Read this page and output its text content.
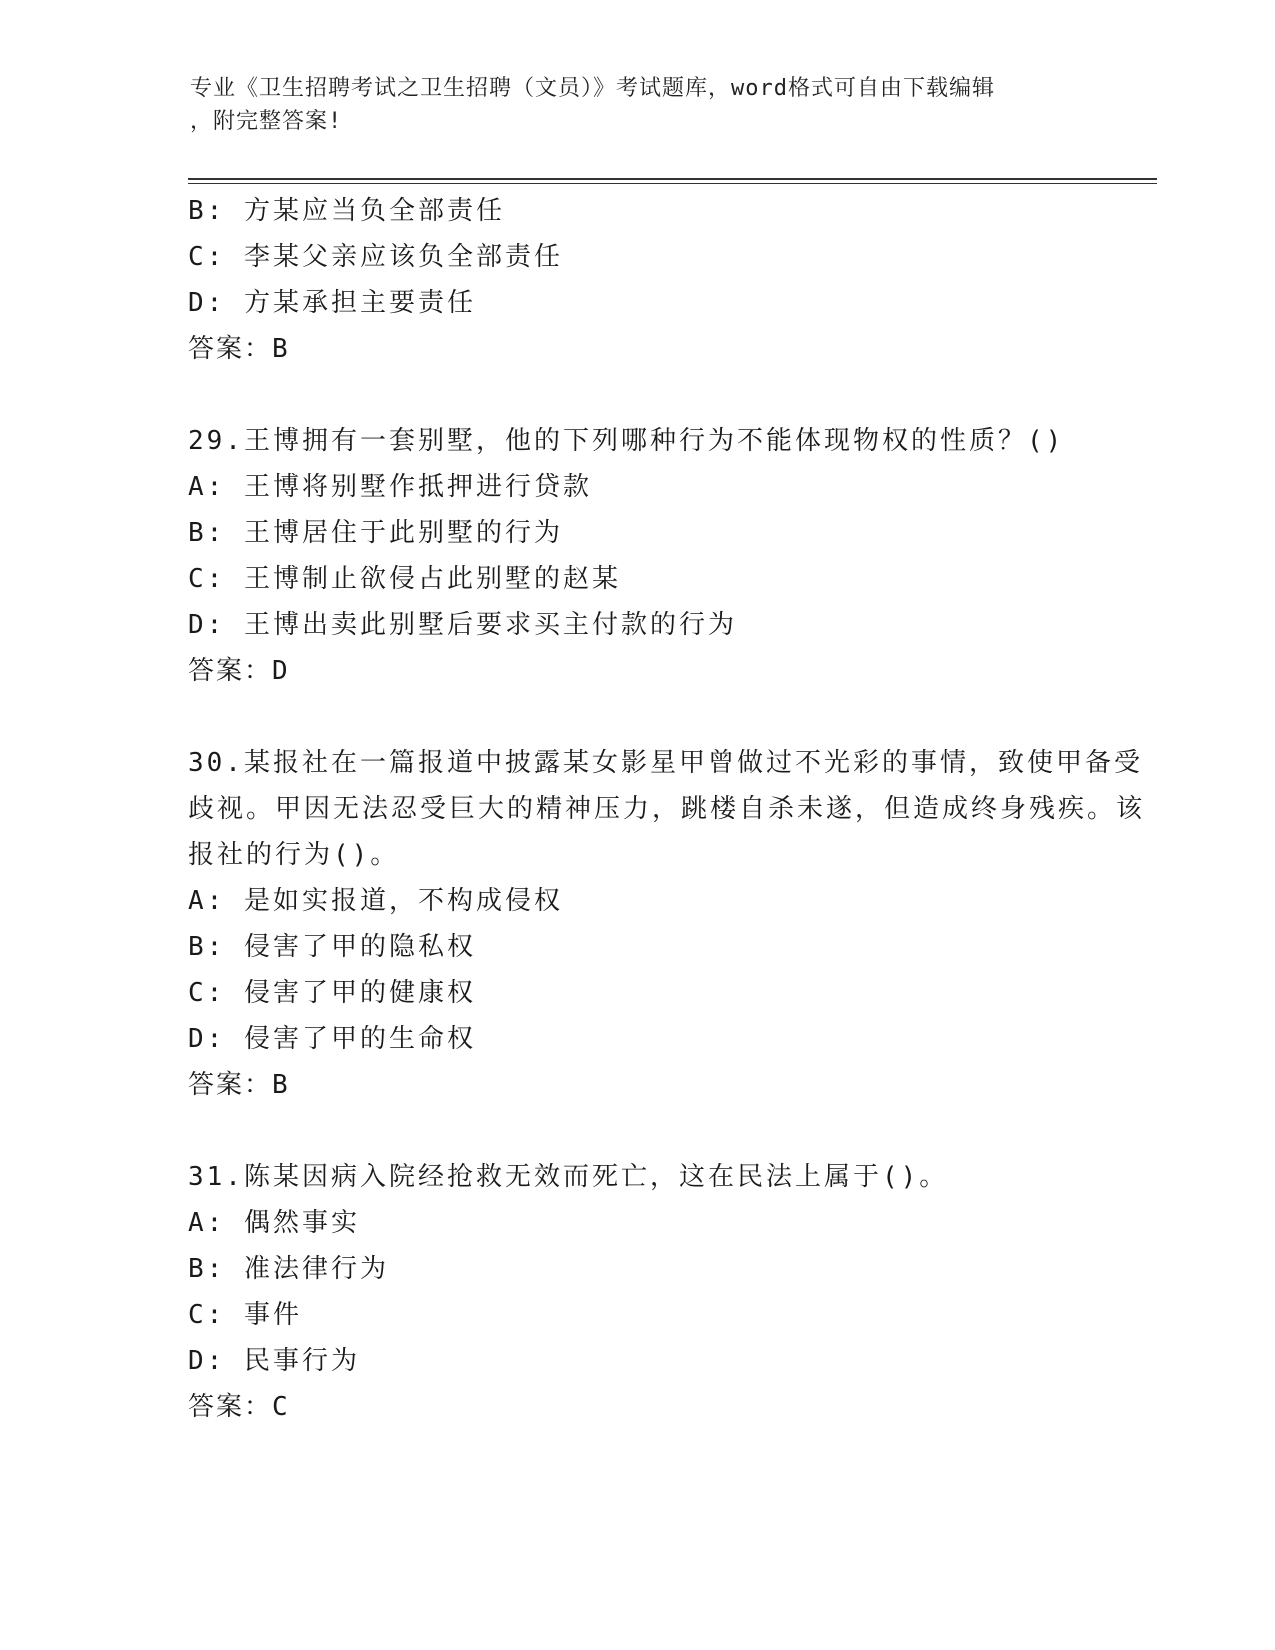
专业《卫生招聘考试之卫生招聘（文员）》考试题库，word格式可自由下载编辑
，附完整答案!
B: 方某应当负全部责任
C: 李某父亲应该负全部责任
D: 方某承担主要责任
答案：B
29.王博拥有一套别墅，他的下列哪种行为不能体现物权的性质？()
A: 王博将别墅作抵押进行贷款
B: 王博居住于此别墅的行为
C: 王博制止欲侵占此别墅的赵某
D: 王博出卖此别墅后要求买主付款的行为
答案：D
30.某报社在一篇报道中披露某女影星甲曾做过不光彩的事情，致使甲备受歧视。甲因无法忍受巨大的精神压力，跳楼自杀未遂，但造成终身残疾。该报社的行为()。
A: 是如实报道，不构成侵权
B: 侵害了甲的隐私权
C: 侵害了甲的健康权
D: 侵害了甲的生命权
答案：B
31.陈某因病入院经抢救无效而死亡，这在民法上属于()。
A: 偶然事实
B: 准法律行为
C: 事件
D: 民事行为
答案：C
